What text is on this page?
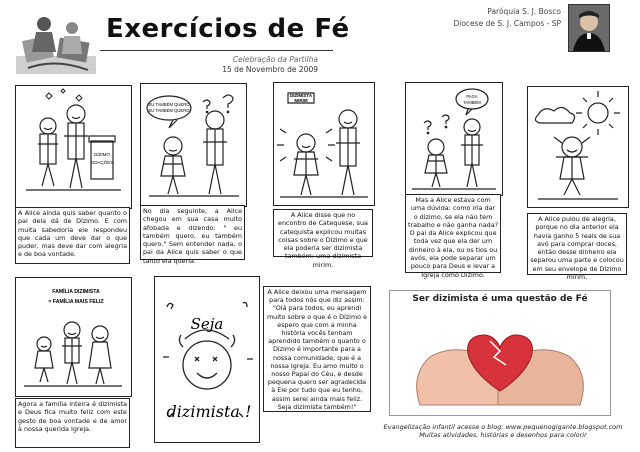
Exercícios de Fé
Celebração da Partilha
15 de Novembro de 2009
Paróquia S. J. Bosco
Diocese de S. J. Campos - SP
DÍZIMO
DOAÇÕES
A Alice ainda quis saber quanto o pai dela dá de Dízimo. E com muita sabedoria ele respondeu que cada um deve dar o que puder, mas deve dar com alegria e de boa vontade.
EU TAMBÉM QUERO
EU TAMBÉM QUERO
No dia seguinte, a Alice chegou em sua casa muito afobada e dizendo: " eu também quero, eu também quero." Sem entender nada, o pai da Alice quis saber o que tanto ela queria.
DIZIMISTA
MIRIM
A Alice disse que no encontro de Catequese, sua catequista explicou muitas coisas sobre o Dízimo e que ela poderia ser dizimista também: uma dizimista mirim.
PAGA
TAMBÉM
Mas a Alice estava com uma dúvida: como iria dar o dízimo, se ela não tem trabalho e não ganha nada? O pai da Alice explicou que toda vez que ela der um dinheiro à ela, ou os tios ou avós, ela pode separar um pouco para Deus e levar a Igreja como Dízimo.
A Alice pulou de alegria, porque no dia anterior ela havia ganho 5 reais de sua avó para comprar doces, então desse dinheiro ela separou uma parte e colocou em seu envelope de Dízimo mirim.
FAMÍLIA DIZIMISTA
= FAMÍLIA MAIS FELIZ
Agora a família inteira é dizimista e Deus fica muito feliz com este gesto de boa vontade e de amor à nossa querida Igreja.
Seja
dizimista !
A Alice deixou uma mensagem para todos nós que diz assim: "Olá para todos, eu aprendi muito sobre o que é o Dízimo e espero que com a minha história vocês tenham aprendido também o quanto o Dízimo é importante para a nossa comunidade, que é a nossa Igreja. Eu amo muito o nosso Papai do Céu, e desde pequena quero ser agradecida à Ele por tudo que eu tenho, assim serei ainda mais feliz. Seja dizimista também!"
Ser dizimista é uma questão de Fé
Evangelização infantil acesse o blog: www.pequenogigante.blogspot.com
Muitas atividades, histórias e desenhos para colorir
